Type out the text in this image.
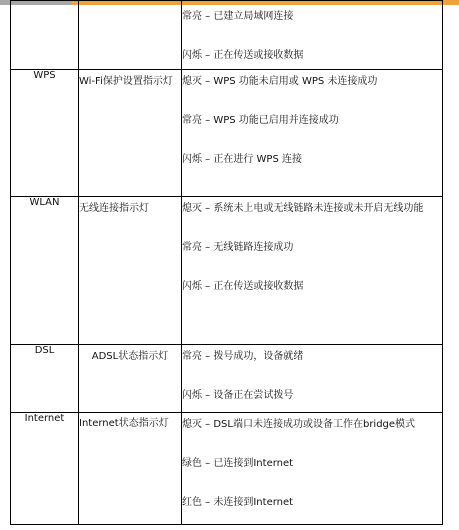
		常亮 – 已建立局域网连接
闪烁 – 正在传送或接收数据

WPS	Wi-Fi保护设置指示灯	熄灭 – WPS 功能未启用或 WPS 未连接成功
常亮 – WPS 功能已启用并连接成功
闪烁 – 正在进行 WPS 连接

WLAN	无线连接指示灯	熄灭 – 系统未上电或无线链路未连接或未开启无线功能
常亮 – 无线链路连接成功
闪烁 – 正在传送或接收数据

DSL	ADSL状态指示灯	常亮 – 拨号成功，设备就绪
闪烁 – 设备正在尝试拨号

Internet	Internet状态指示灯	熄灭 – DSL端口未连接成功或设备工作在bridge模式
绿色 – 已连接到Internet
红色 – 未连接到Internet
